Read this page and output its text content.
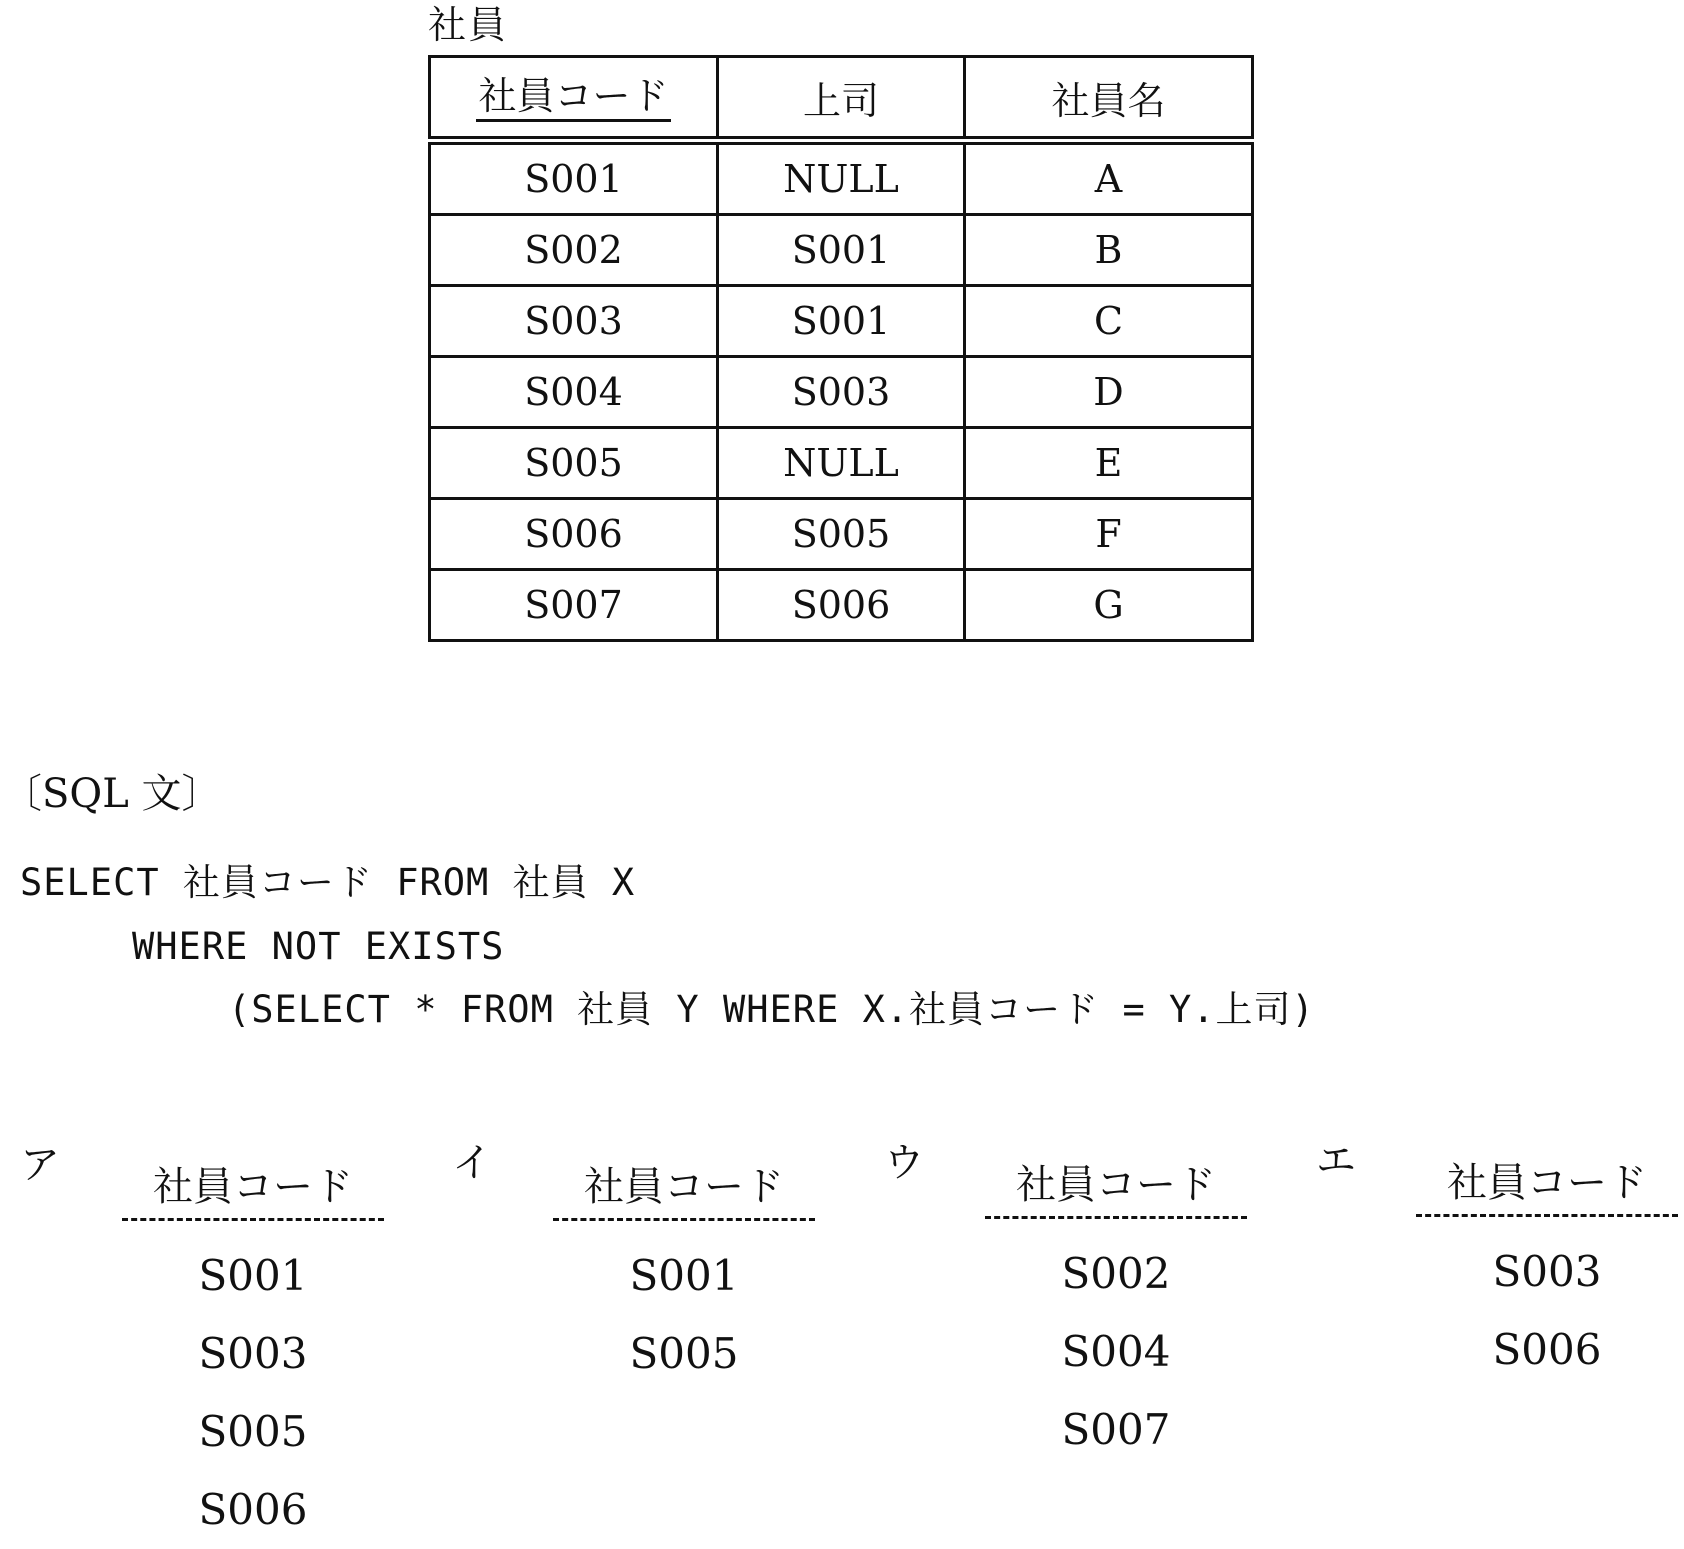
社員
社員コード	上司	社員名
S001	NULL	A
S002	S001	B
S003	S001	C
S004	S003	D
S005	NULL	E
S006	S005	F
S007	S006	G
〔SQL 文〕
SELECT 社員コード FROM 社員 X
WHERE NOT EXISTS
(SELECT * FROM 社員 Y WHERE X.社員コード = Y.上司)
ア	社員コード
S001
S003
S005
S006
イ
社員コード
S001
S005
ウ	社員コード
S002
S004
S007
エ	社員コード
S003
S006
